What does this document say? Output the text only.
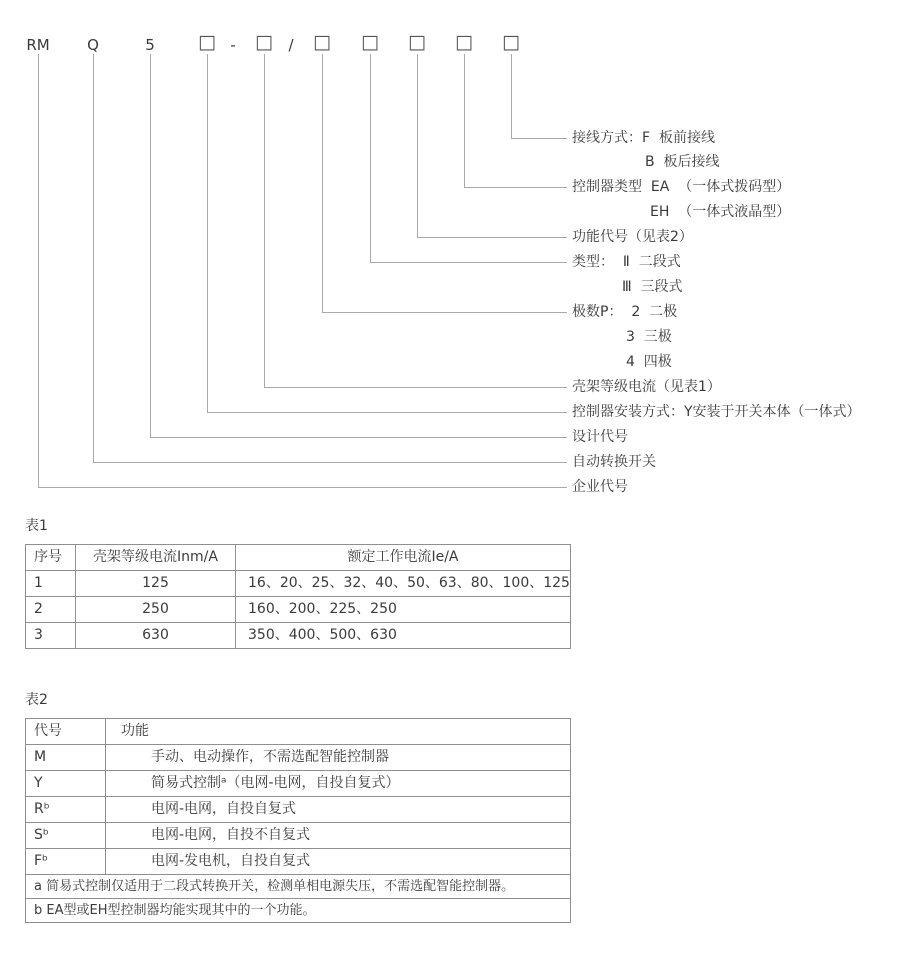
RM Q	5 □ - □ / □ □ □ □ □
接线方式：F  板前接线
B  板后接线
控制器类型  EA  （一体式拨码型）
EH  （一体式液晶型）
功能代号（见表2）
类型：  Ⅱ  二段式
Ⅲ  三段式
极数P：  2  二极
3  三极
4  四极
壳架等级电流（见表1）
控制器安装方式：Y安装于开关本体（一体式）
设计代号
自动转换开关
企业代号
表1
序号	壳架等级电流Inm/A	额定工作电流Ie/A
1	125	16、20、25、32、40、50、63、80、100、125
2	250	160、200、225、250
3	630	350、400、500、630
表2
代号	功能
M	手动、电动操作，不需选配智能控制器
Y	简易式控制ᵃ（电网-电网，自投自复式）
Rᵇ	电网-电网，自投自复式
Sᵇ	电网-电网，自投不自复式
Fᵇ	电网-发电机，自投自复式
a 简易式控制仅适用于二段式转换开关，检测单相电源失压，不需选配智能控制器。	
b EA型或EH型控制器均能实现其中的一个功能。	
